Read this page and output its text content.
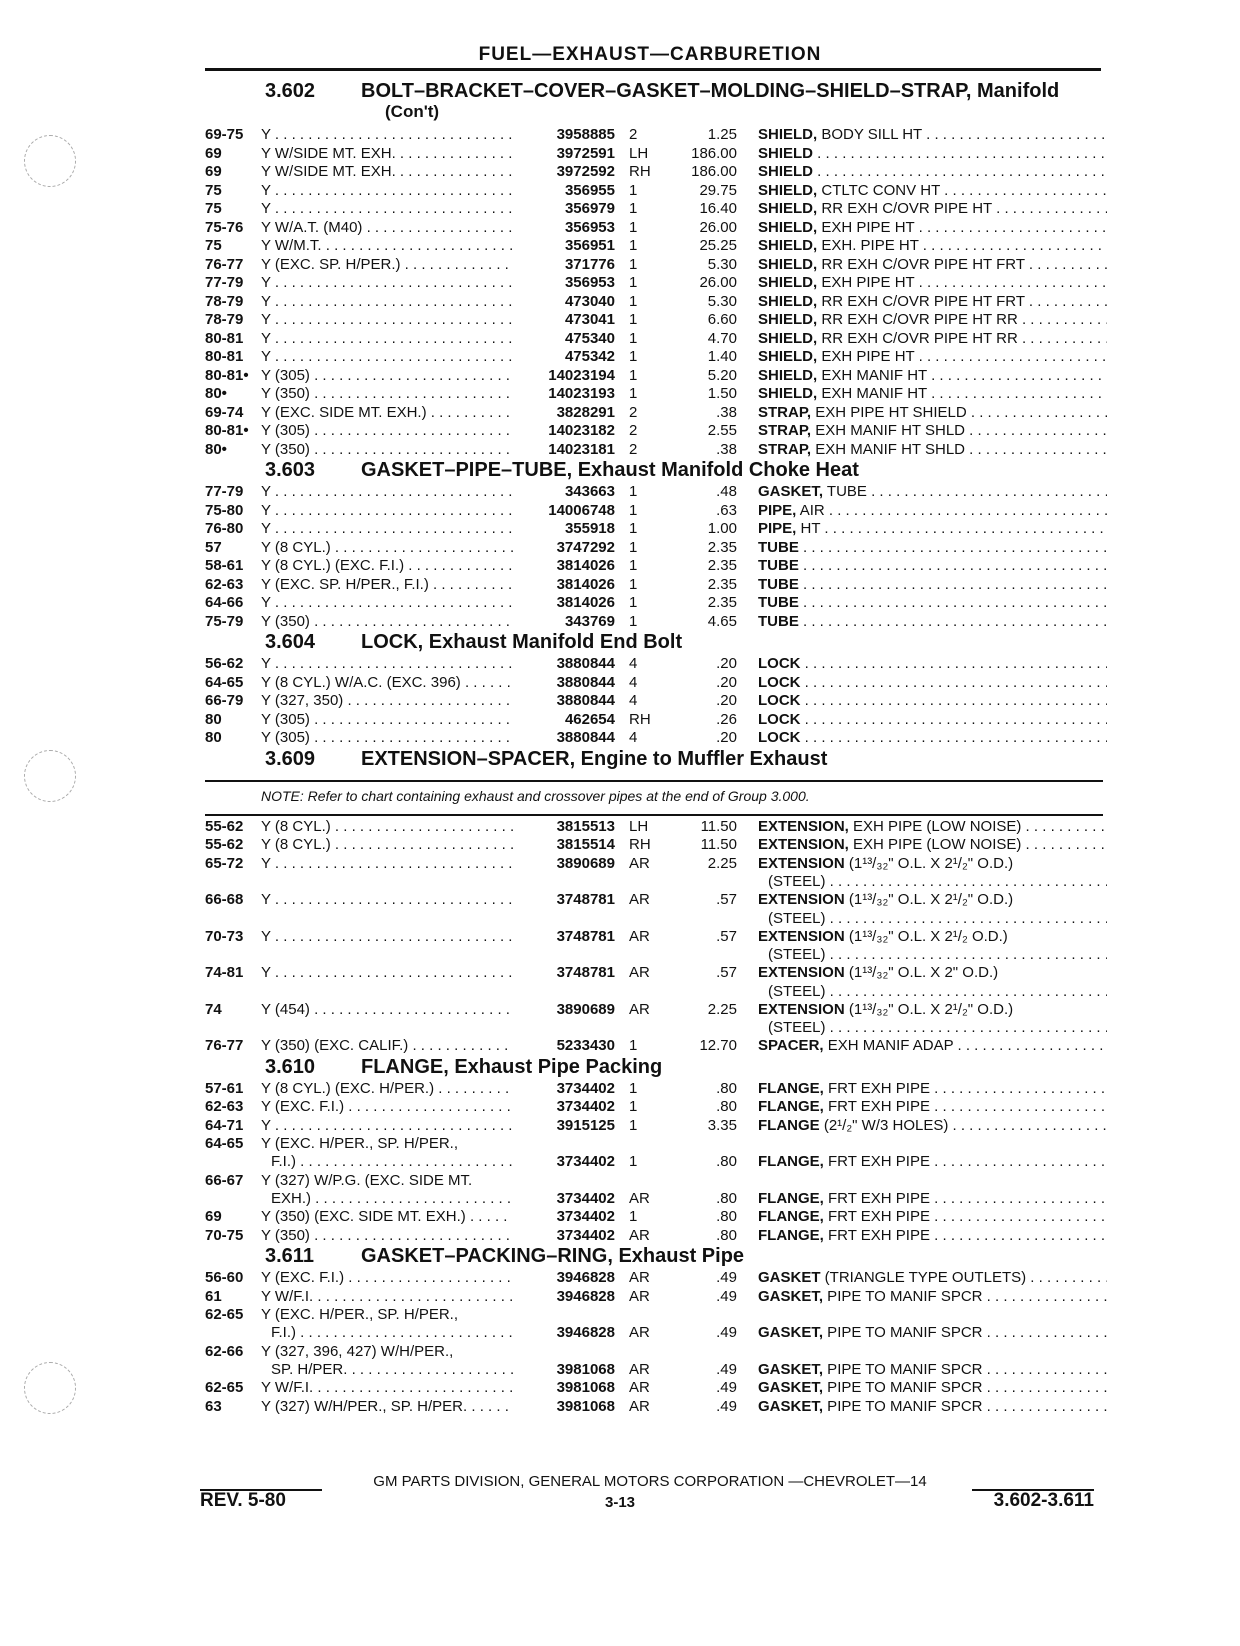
FUEL—EXHAUST—CARBURETION
3.602 BOLT–BRACKET–COVER–GASKET–MOLDING–SHIELD–STRAP, Manifold
(Con't)
69-75	Y . . .	3958885 2	1.25 SHIELD, BODY SILL HT . . .
69	Y W/SIDE MT. EXH. . . .	3972591 LH	186.00 SHIELD . . .
69	Y W/SIDE MT. EXH. . . .	3972592 RH	186.00 SHIELD . . .
75	Y . . .	356955 1	29.75 SHIELD, CTLTC CONV HT . . .
75	Y . . .	356979 1	16.40 SHIELD, RR EXH C/OVR PIPE HT . . .
75-76	Y W/A.T. (M40) . . .	356953 1	26.00 SHIELD, EXH PIPE HT . . .
75	Y W/M.T. . . .	356951 1	25.25 SHIELD, EXH. PIPE HT . . .
76-77	Y (EXC. SP. H/PER.) . . .	371776 1	5.30 SHIELD, RR EXH C/OVR PIPE HT FRT . . .
77-79	Y . . .	356953 1	26.00 SHIELD, EXH PIPE HT . . .
78-79	Y . . .	473040 1	5.30 SHIELD, RR EXH C/OVR PIPE HT FRT . . .
78-79	Y . . .	473041 1	6.60 SHIELD, RR EXH C/OVR PIPE HT RR . . .
80-81	Y . . .	475340 1	4.70 SHIELD, RR EXH C/OVR PIPE HT RR . . .
80-81	Y . . .	475342 1	1.40 SHIELD, EXH PIPE HT . . .
80-81• Y (305) . . .	14023194 1	5.20 SHIELD, EXH MANIF HT . . .
80•	Y (350) . . .	14023193 1	1.50 SHIELD, EXH MANIF HT . . .
69-74	Y (EXC. SIDE MT. EXH.) . . .	3828291 2	.38 STRAP, EXH PIPE HT SHIELD . . .
80-81• Y (305) . . .	14023182 2	2.55 STRAP, EXH MANIF HT SHLD . . .
80•	Y (350) . . .	14023181 2	.38 STRAP, EXH MANIF HT SHLD . . .
3.603 GASKET–PIPE–TUBE, Exhaust Manifold Choke Heat
77-79	Y . . .	343663 1	.48 GASKET, TUBE . . .
75-80	Y . . .	14006748 1	.63 PIPE, AIR . . .
76-80	Y . . .	355918 1	1.00 PIPE, HT . . .
57	Y (8 CYL.) . . .	3747292 1	2.35 TUBE . . .
58-61	Y (8 CYL.) (EXC. F.I.) . . .	3814026 1	2.35 TUBE . . .
62-63	Y (EXC. SP. H/PER., F.I.) . . .	3814026 1	2.35 TUBE . . .
64-66	Y . . .	3814026 1	2.35 TUBE . . .
75-79	Y (350) . . .	343769 1	4.65 TUBE . . .
3.604 LOCK, Exhaust Manifold End Bolt
56-62	Y . . .	3880844 4	.20 LOCK . . .
64-65	Y (8 CYL.) W/A.C. (EXC. 396) . . .	3880844 4	.20 LOCK . . .
66-79	Y (327, 350) . . .	3880844 4	.20 LOCK . . .
80	Y (305) . . .	462654 RH	.26 LOCK . . .
80	Y (305) . . .	3880844 4	.20 LOCK . . .
3.609 EXTENSION–SPACER, Engine to Muffler Exhaust
NOTE: Refer to chart containing exhaust and crossover pipes at the end of Group 3.000.
55-62	Y (8 CYL.) . . .	3815513 LH	11.50 EXTENSION, EXH PIPE (LOW NOISE) . . .
55-62	Y (8 CYL.) . . .	3815514 RH	11.50 EXTENSION, EXH PIPE (LOW NOISE) . . .
65-72	Y . . .	3890689 AR	2.25 EXTENSION (1¹³/₃₂" O.L. X 2¹/₂" O.D.)
(STEEL) . . .
66-68	Y . . .	3748781 AR	.57 EXTENSION (1¹³/₃₂" O.L. X 2¹/₂" O.D.)
(STEEL) . . .
70-73	Y . . .	3748781 AR	.57 EXTENSION (1¹³/₃₂" O.L. X 2¹/₂ O.D.)
(STEEL) . . .
74-81	Y . . .	3748781 AR	.57 EXTENSION (1¹³/₃₂" O.L. X 2" O.D.)
(STEEL) . . .
74	Y (454) . . .	3890689 AR	2.25 EXTENSION (1¹³/₃₂" O.L. X 2¹/₂" O.D.)
(STEEL) . . .
76-77	Y (350) (EXC. CALIF.) . . .	5233430 1	12.70 SPACER, EXH MANIF ADAP . . .
3.610 FLANGE, Exhaust Pipe Packing
57-61	Y (8 CYL.) (EXC. H/PER.) . . .	3734402 1	.80 FLANGE, FRT EXH PIPE . . .
62-63	Y (EXC. F.I.) . . .	3734402 1	.80 FLANGE, FRT EXH PIPE . . .
64-71	Y . . .	3915125 1	3.35 FLANGE (2¹/₂" W/3 HOLES) . . .
64-65	Y (EXC. H/PER., SP. H/PER.,
F.I.) . . .	3734402 1	.80 FLANGE, FRT EXH PIPE . . .
66-67	Y (327) W/P.G. (EXC. SIDE MT.
EXH.) . . .	3734402 AR	.80 FLANGE, FRT EXH PIPE . . .
69	Y (350) (EXC. SIDE MT. EXH.) . . .	3734402 1	.80 FLANGE, FRT EXH PIPE . . .
70-75	Y (350) . . .	3734402 AR	.80 FLANGE, FRT EXH PIPE . . .
3.611 GASKET–PACKING–RING, Exhaust Pipe
56-60	Y (EXC. F.I.) . . .	3946828 AR	.49 GASKET (TRIANGLE TYPE OUTLETS) . . .
61	Y W/F.I. . . .	3946828 AR	.49 GASKET, PIPE TO MANIF SPCR . . .
62-65	Y (EXC. H/PER., SP. H/PER.,
F.I.) . . .	3946828 AR	.49 GASKET, PIPE TO MANIF SPCR . . .
62-66	Y (327, 396, 427) W/H/PER.,
SP. H/PER. . . .	3981068 AR	.49 GASKET, PIPE TO MANIF SPCR . . .
62-65	Y W/F.I. . . .	3981068 AR	.49 GASKET, PIPE TO MANIF SPCR . . .
63	Y (327) W/H/PER., SP. H/PER. . . .	3981068 AR	.49 GASKET, PIPE TO MANIF SPCR . . .
GM PARTS DIVISION, GENERAL MOTORS CORPORATION —CHEVROLET—14
REV. 5-80	3-13	3.602-3.611
